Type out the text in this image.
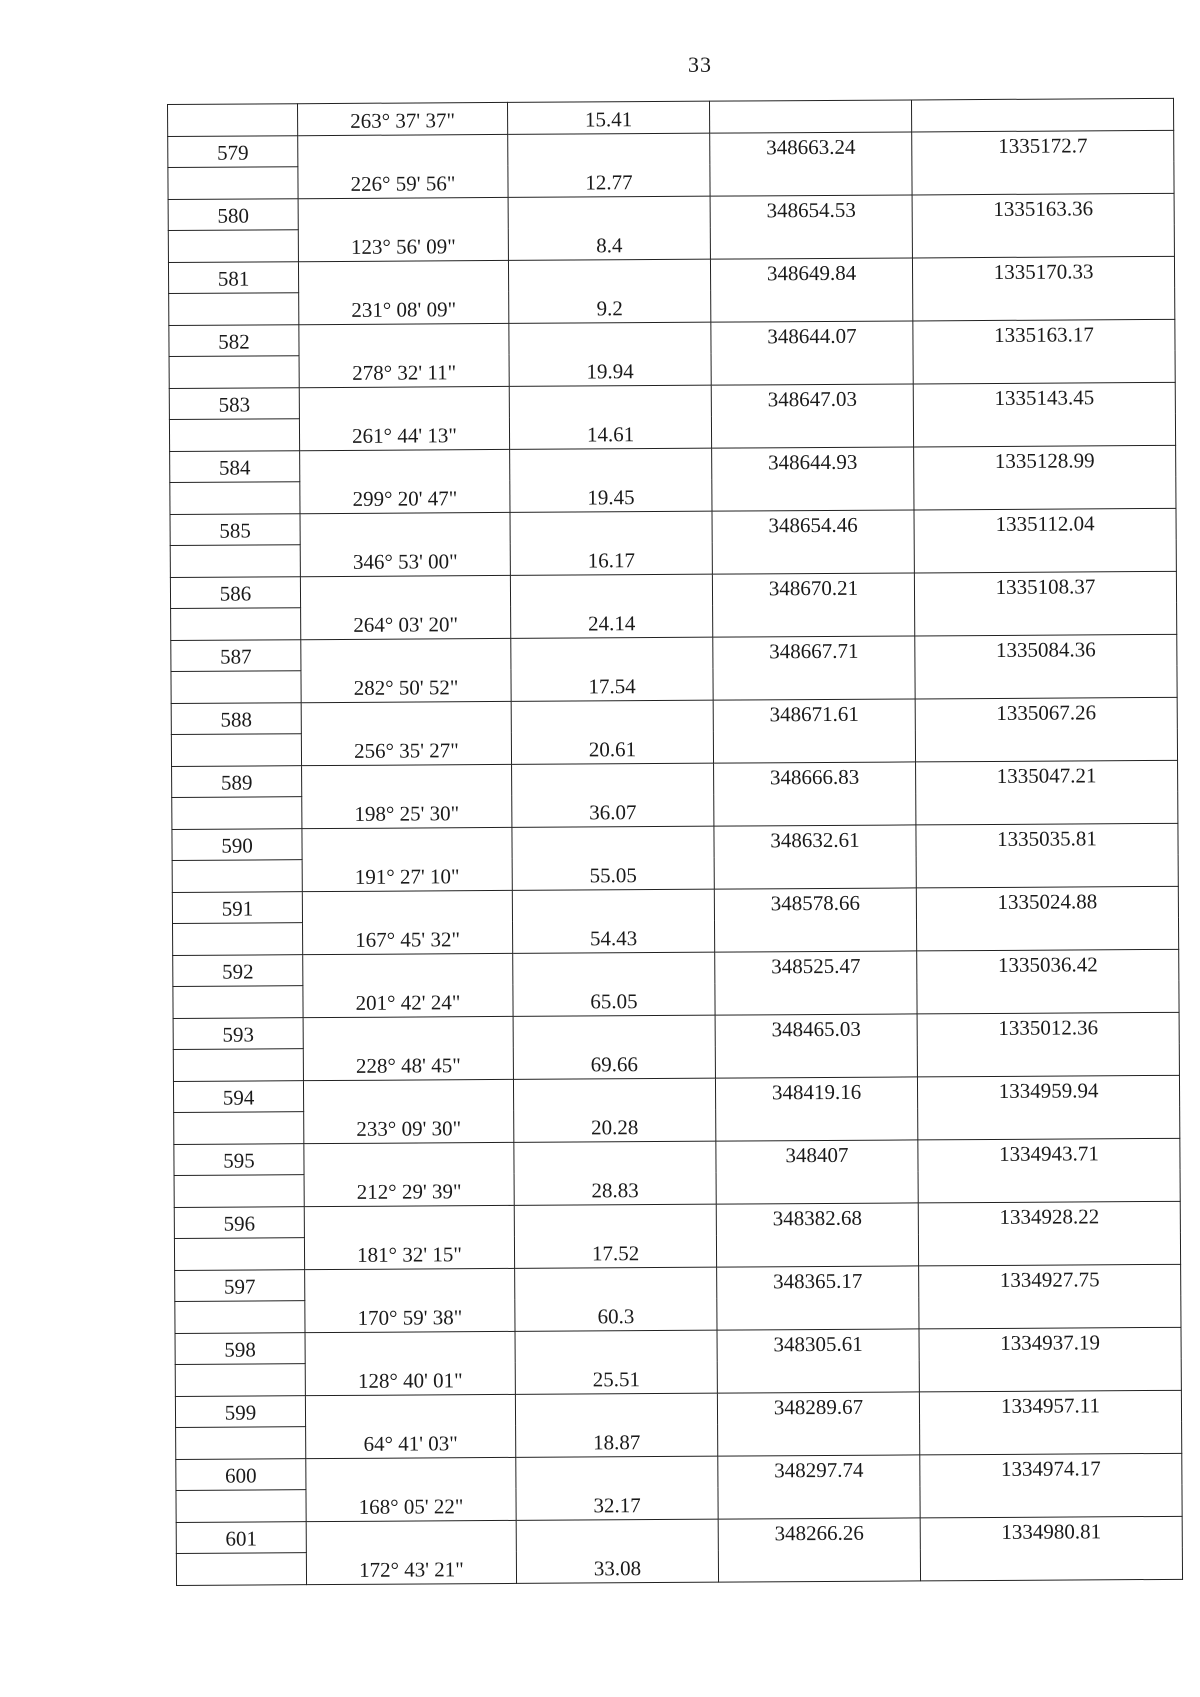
33
	263° 37' 37"	15.41		
579			348663.24	1335172.7
	226° 59' 56"	12.77		
580			348654.53	1335163.36
	123° 56' 09"	8.4		
581			348649.84	1335170.33
	231° 08' 09"	9.2		
582			348644.07	1335163.17
	278° 32' 11"	19.94		
583			348647.03	1335143.45
	261° 44' 13"	14.61		
584			348644.93	1335128.99
	299° 20' 47"	19.45		
585			348654.46	1335112.04
	346° 53' 00"	16.17		
586			348670.21	1335108.37
	264° 03' 20"	24.14		
587			348667.71	1335084.36
	282° 50' 52"	17.54		
588			348671.61	1335067.26
	256° 35' 27"	20.61		
589			348666.83	1335047.21
	198° 25' 30"	36.07		
590			348632.61	1335035.81
	191° 27' 10"	55.05		
591			348578.66	1335024.88
	167° 45' 32"	54.43		
592			348525.47	1335036.42
	201° 42' 24"	65.05		
593			348465.03	1335012.36
	228° 48' 45"	69.66		
594			348419.16	1334959.94
	233° 09' 30"	20.28		
595			348407	1334943.71
	212° 29' 39"	28.83		
596			348382.68	1334928.22
	181° 32' 15"	17.52		
597			348365.17	1334927.75
	170° 59' 38"	60.3		
598			348305.61	1334937.19
	128° 40' 01"	25.51		
599			348289.67	1334957.11
	64° 41' 03"	18.87		
600			348297.74	1334974.17
	168° 05' 22"	32.17		
601			348266.26	1334980.81
	172° 43' 21"	33.08		
